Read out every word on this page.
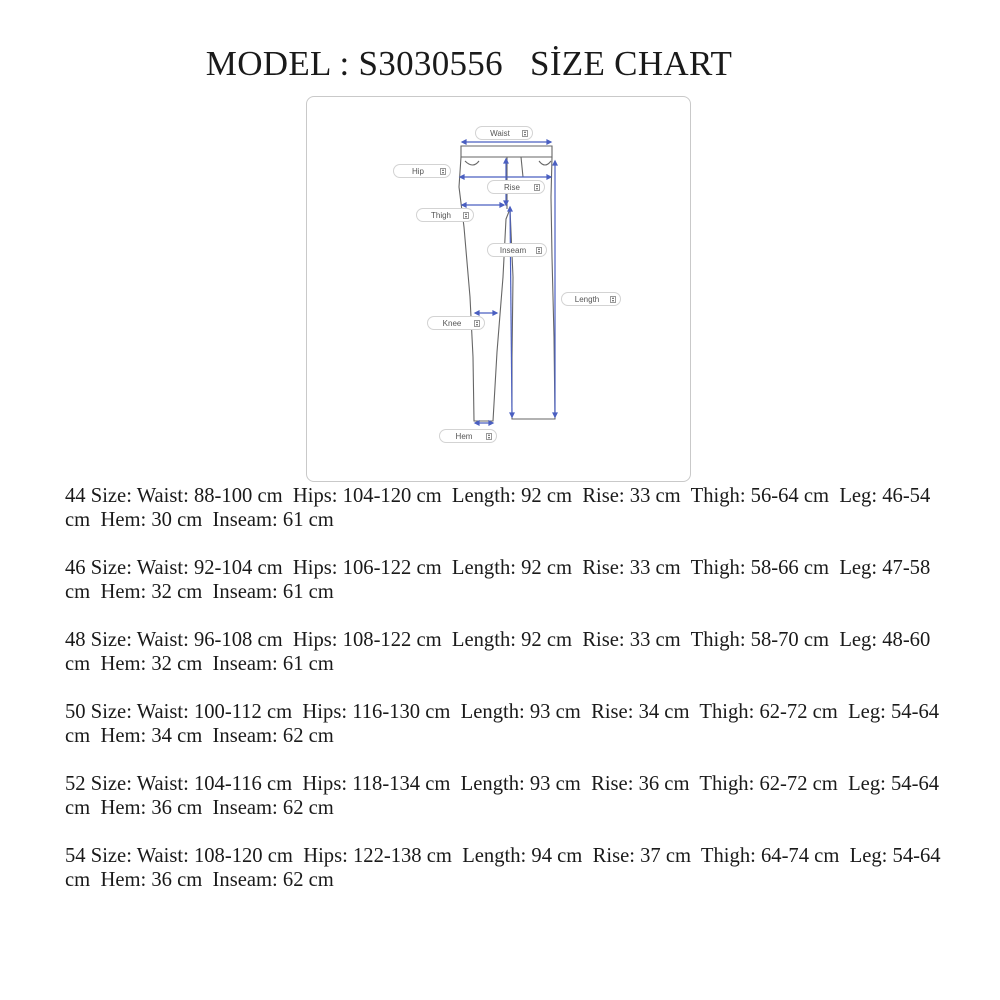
MODEL : S3030556   SİZE CHART
Waist
Hip
Rise
Thigh
Inseam
Length
Knee
Hem

44 Size: Waist: 88-100 cm  Hips: 104-120 cm  Length: 92 cm  Rise: 33 cm  Thigh: 56-64 cm  Leg: 46-54 cm  Hem: 30 cm  Inseam: 61 cm

46 Size: Waist: 92-104 cm  Hips: 106-122 cm  Length: 92 cm  Rise: 33 cm  Thigh: 58-66 cm  Leg: 47-58 cm  Hem: 32 cm  Inseam: 61 cm

48 Size: Waist: 96-108 cm  Hips: 108-122 cm  Length: 92 cm  Rise: 33 cm  Thigh: 58-70 cm  Leg: 48-60 cm  Hem: 32 cm  Inseam: 61 cm

50 Size: Waist: 100-112 cm  Hips: 116-130 cm  Length: 93 cm  Rise: 34 cm  Thigh: 62-72 cm  Leg: 54-64 cm  Hem: 34 cm  Inseam: 62 cm

52 Size: Waist: 104-116 cm  Hips: 118-134 cm  Length: 93 cm  Rise: 36 cm  Thigh: 62-72 cm  Leg: 54-64 cm  Hem: 36 cm  Inseam: 62 cm

54 Size: Waist: 108-120 cm  Hips: 122-138 cm  Length: 94 cm  Rise: 37 cm  Thigh: 64-74 cm  Leg: 54-64 cm  Hem: 36 cm  Inseam: 62 cm
